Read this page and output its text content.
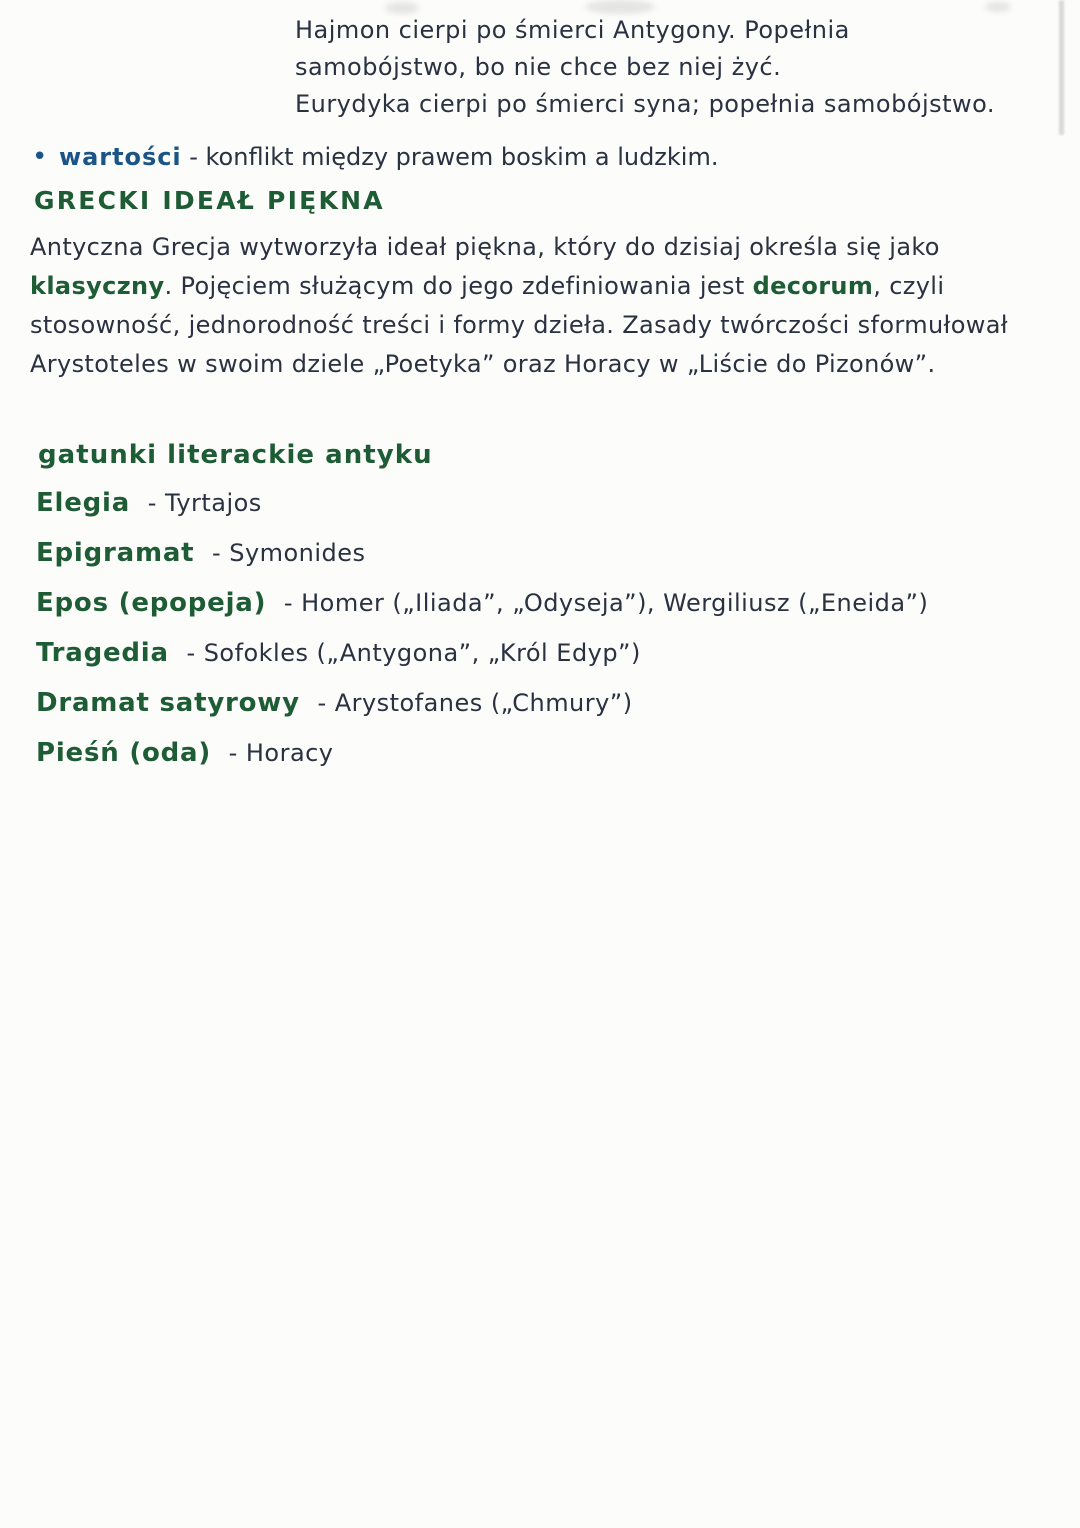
Hajmon cierpi po śmierci Antygony. Popełnia
samobójstwo, bo nie chce bez niej żyć.
Eurydyka cierpi po śmierci syna; popełnia samobójstwo.
• wartości - konflikt między prawem boskim a ludzkim.
GRECKI IDEAŁ PIĘKNA
Antyczna Grecja wytworzyła ideał piękna, który do dzisiaj określa się jako klasyczny. Pojęciem służącym do jego zdefiniowania jest decorum, czyli stosowność, jednorodność treści i formy dzieła. Zasady twórczości sformułował Arystoteles w swoim dziele „Poetyka” oraz Horacy w „Liście do Pizonów”.
gatunki literackie antyku
Elegia - Tyrtajos
Epigramat - Symonides
Epos (epopeja) - Homer („Iliada”, „Odyseja”), Wergiliusz („Eneida”)
Tragedia - Sofokles („Antygona”, „Król Edyp”)
Dramat satyrowy - Arystofanes („Chmury”)
Pieśń (oda) - Horacy
